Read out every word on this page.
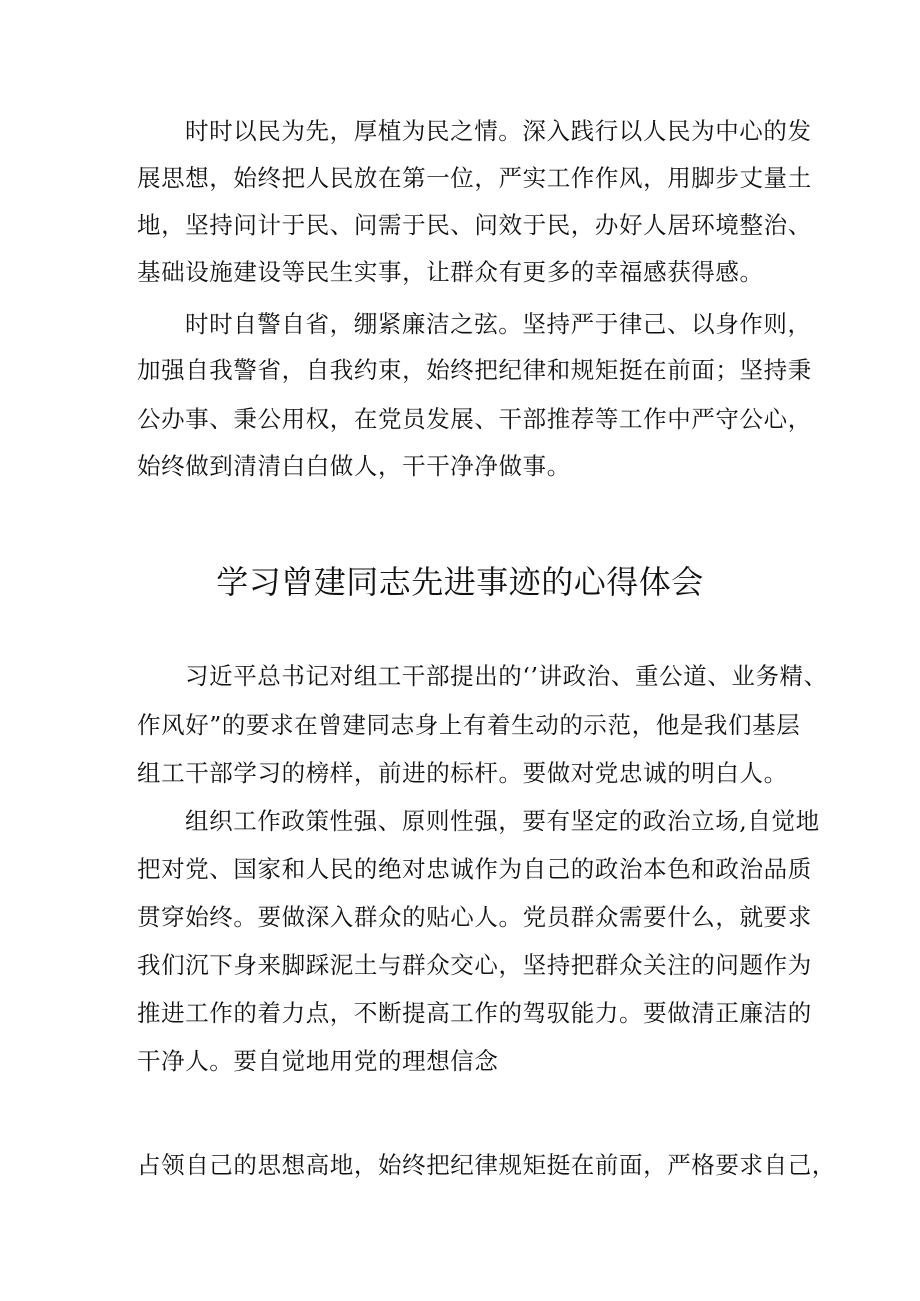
时时以民为先，厚植为民之情。深入践行以人民为中心的发
展思想，始终把人民放在第一位，严实工作作风，用脚步丈量土
地，坚持问计于民、问需于民、问效于民，办好人居环境整治、
基础设施建设等民生实事，让群众有更多的幸福感获得感。
时时自警自省，绷紧廉洁之弦。坚持严于律己、以身作则，
加强自我警省，自我约束，始终把纪律和规矩挺在前面；坚持秉
公办事、秉公用权，在党员发展、干部推荐等工作中严守公心，
始终做到清清白白做人，干干净净做事。
学习曾建同志先进事迹的心得体会
习近平总书记对组工干部提出的‘’讲政治、重公道、业务精、
作风好”的要求在曾建同志身上有着生动的示范，他是我们基层
组工干部学习的榜样，前进的标杆。要做对党忠诚的明白人。
组织工作政策性强、原则性强，要有坚定的政治立场,自觉地
把对党、国家和人民的绝对忠诚作为自己的政治本色和政治品质
贯穿始终。要做深入群众的贴心人。党员群众需要什么，就要求
我们沉下身来脚踩泥土与群众交心，坚持把群众关注的问题作为
推进工作的着力点，不断提高工作的驾驭能力。要做清正廉洁的
干净人。要自觉地用党的理想信念
占领自己的思想高地，始终把纪律规矩挺在前面，严格要求自己，
